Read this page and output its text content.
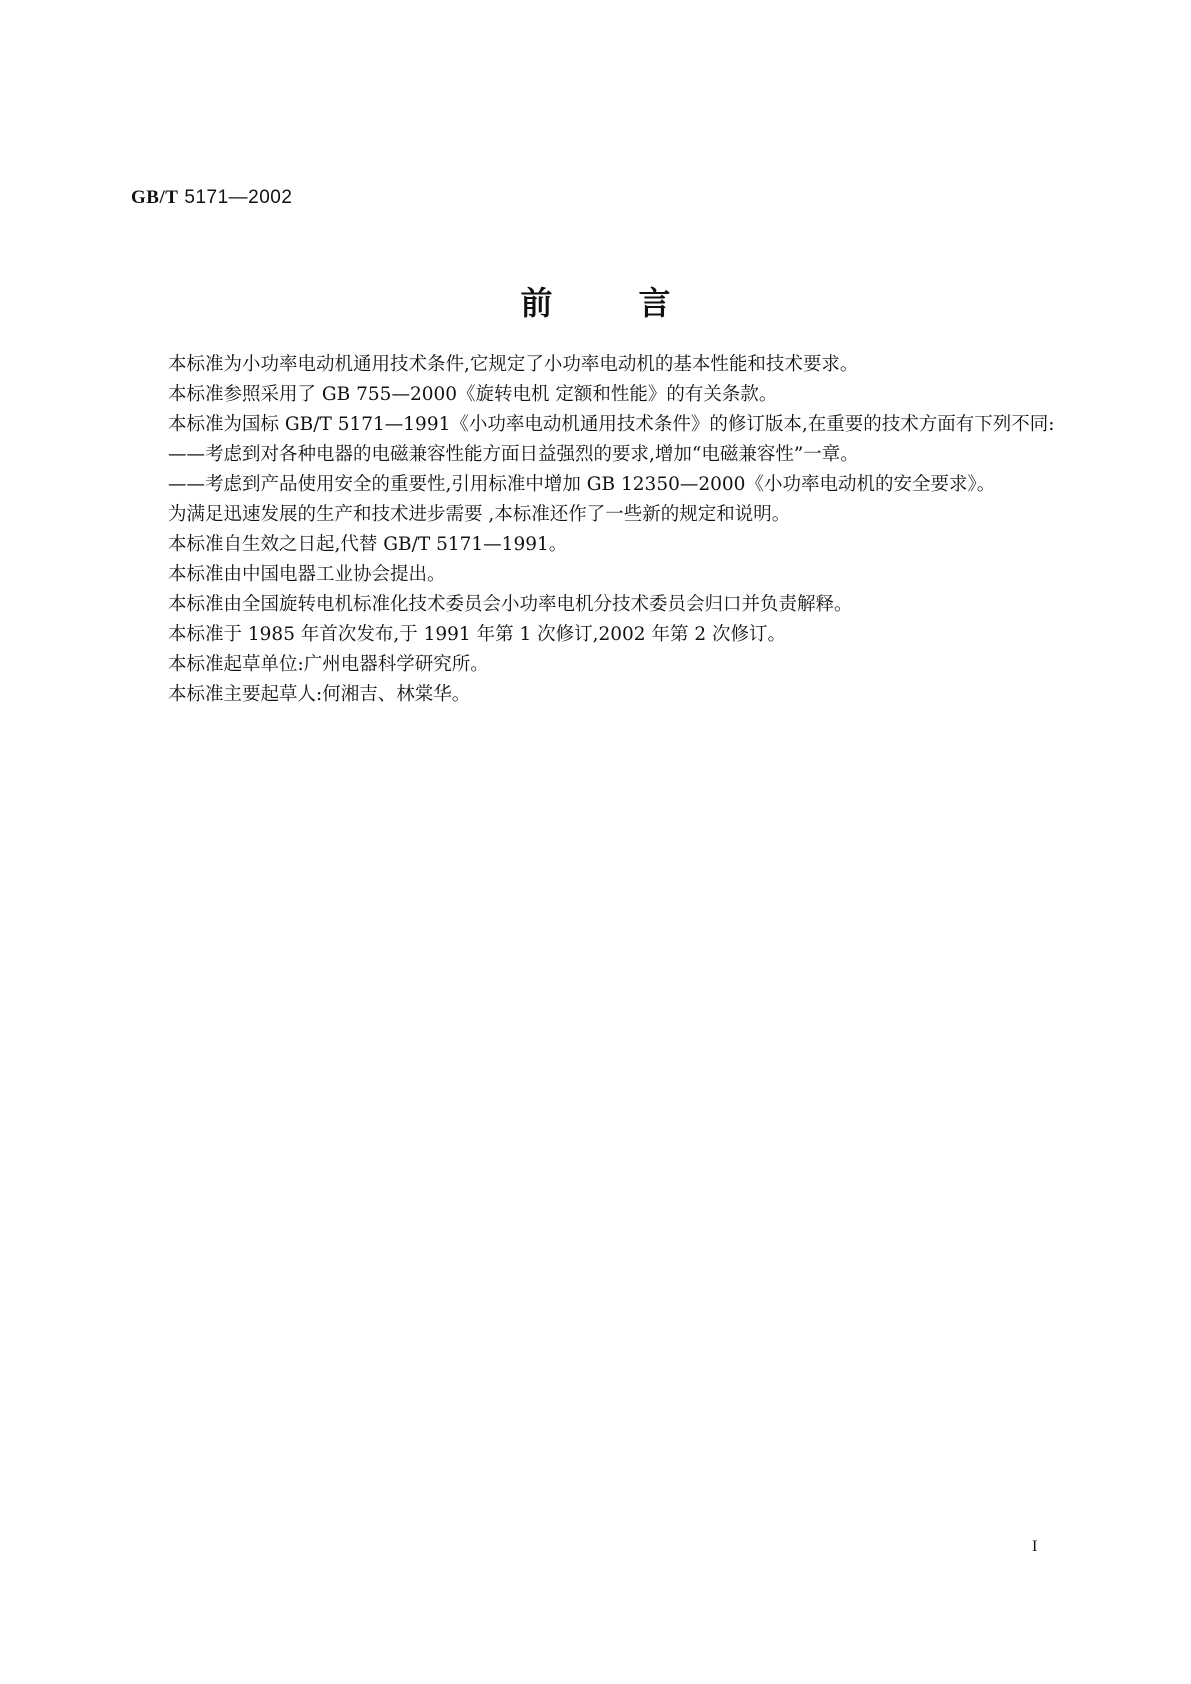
GB/T 5171—2002
前言

本标准为小功率电动机通用技术条件,它规定了小功率电动机的基本性能和技术要求。

本标准参照采用了 GB 755—2000《旋转电机 定额和性能》的有关条款。

本标准为国标 GB/T 5171—1991《小功率电动机通用技术条件》的修订版本,在重要的技术方面有下列不同:

——考虑到对各种电器的电磁兼容性能方面日益强烈的要求,增加“电磁兼容性”一章。

——考虑到产品使用安全的重要性,引用标准中增加 GB 12350—2000《小功率电动机的安全要求》。

为满足迅速发展的生产和技术进步需要 ,本标准还作了一些新的规定和说明。

本标准自生效之日起,代替 GB/T 5171—1991。

本标准由中国电器工业协会提出。

本标准由全国旋转电机标准化技术委员会小功率电机分技术委员会归口并负责解释。

本标准于 1985 年首次发布,于 1991 年第 1 次修订,2002 年第 2 次修订。

本标准起草单位:广州电器科学研究所。

本标准主要起草人:何湘吉、林棠华。

I
